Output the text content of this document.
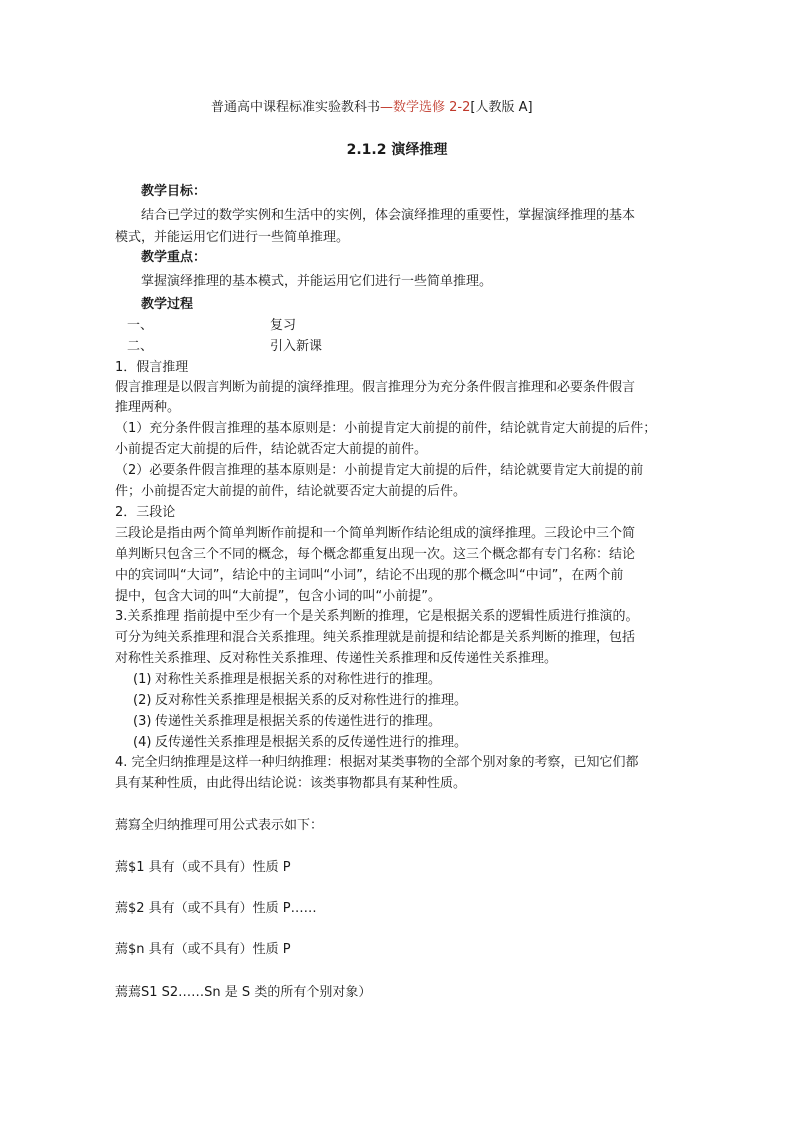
普通高中课程标准实验教科书—数学选修 2-2[人教版 A]
2.1.2 演绎推理
教学目标：
结合已学过的数学实例和生活中的实例，体会演绎推理的重要性，掌握演绎推理的基本
模式，并能运用它们进行一些简单推理。
教学重点：
掌握演绎推理的基本模式，并能运用它们进行一些简单推理。
教学过程
一、	复习
二、	引入新课
1．假言推理
假言推理是以假言判断为前提的演绎推理。假言推理分为充分条件假言推理和必要条件假言
推理两种。
（1）充分条件假言推理的基本原则是：小前提肯定大前提的前件，结论就肯定大前提的后件；
小前提否定大前提的后件，结论就否定大前提的前件。
（2）必要条件假言推理的基本原则是：小前提肯定大前提的后件，结论就要肯定大前提的前
件；小前提否定大前提的前件，结论就要否定大前提的后件。
2．三段论
三段论是指由两个简单判断作前提和一个简单判断作结论组成的演绎推理。三段论中三个简
单判断只包含三个不同的概念，每个概念都重复出现一次。这三个概念都有专门名称：结论
中的宾词叫“大词”，结论中的主词叫“小词”，结论不出现的那个概念叫“中词”，在两个前
提中，包含大词的叫“大前提”，包含小词的叫“小前提”。
3.关系推理 指前提中至少有一个是关系判断的推理，它是根据关系的逻辑性质进行推演的。
可分为纯关系推理和混合关系推理。纯关系推理就是前提和结论都是关系判断的推理，包括
对称性关系推理、反对称性关系推理、传递性关系推理和反传递性关系推理。
(1) 对称性关系推理是根据关系的对称性进行的推理。
(2) 反对称性关系推理是根据关系的反对称性进行的推理。
(3) 传递性关系推理是根据关系的传递性进行的推理。
(4) 反传递性关系推理是根据关系的反传递性进行的推理。
4. 完全归纳推理是这样一种归纳推理：根据对某类事物的全部个别对象的考察，已知它们都
具有某种性质，由此得出结论说：该类事物都具有某种性质。
蔫寫全归纳推理可用公式表示如下：
蔫$1 具有（或不具有）性质 P
蔫$2 具有（或不具有）性质 P……
蔫$n 具有（或不具有）性质 P
蔫蔫S1 S2……Sn 是 S 类的所有个别对象）
